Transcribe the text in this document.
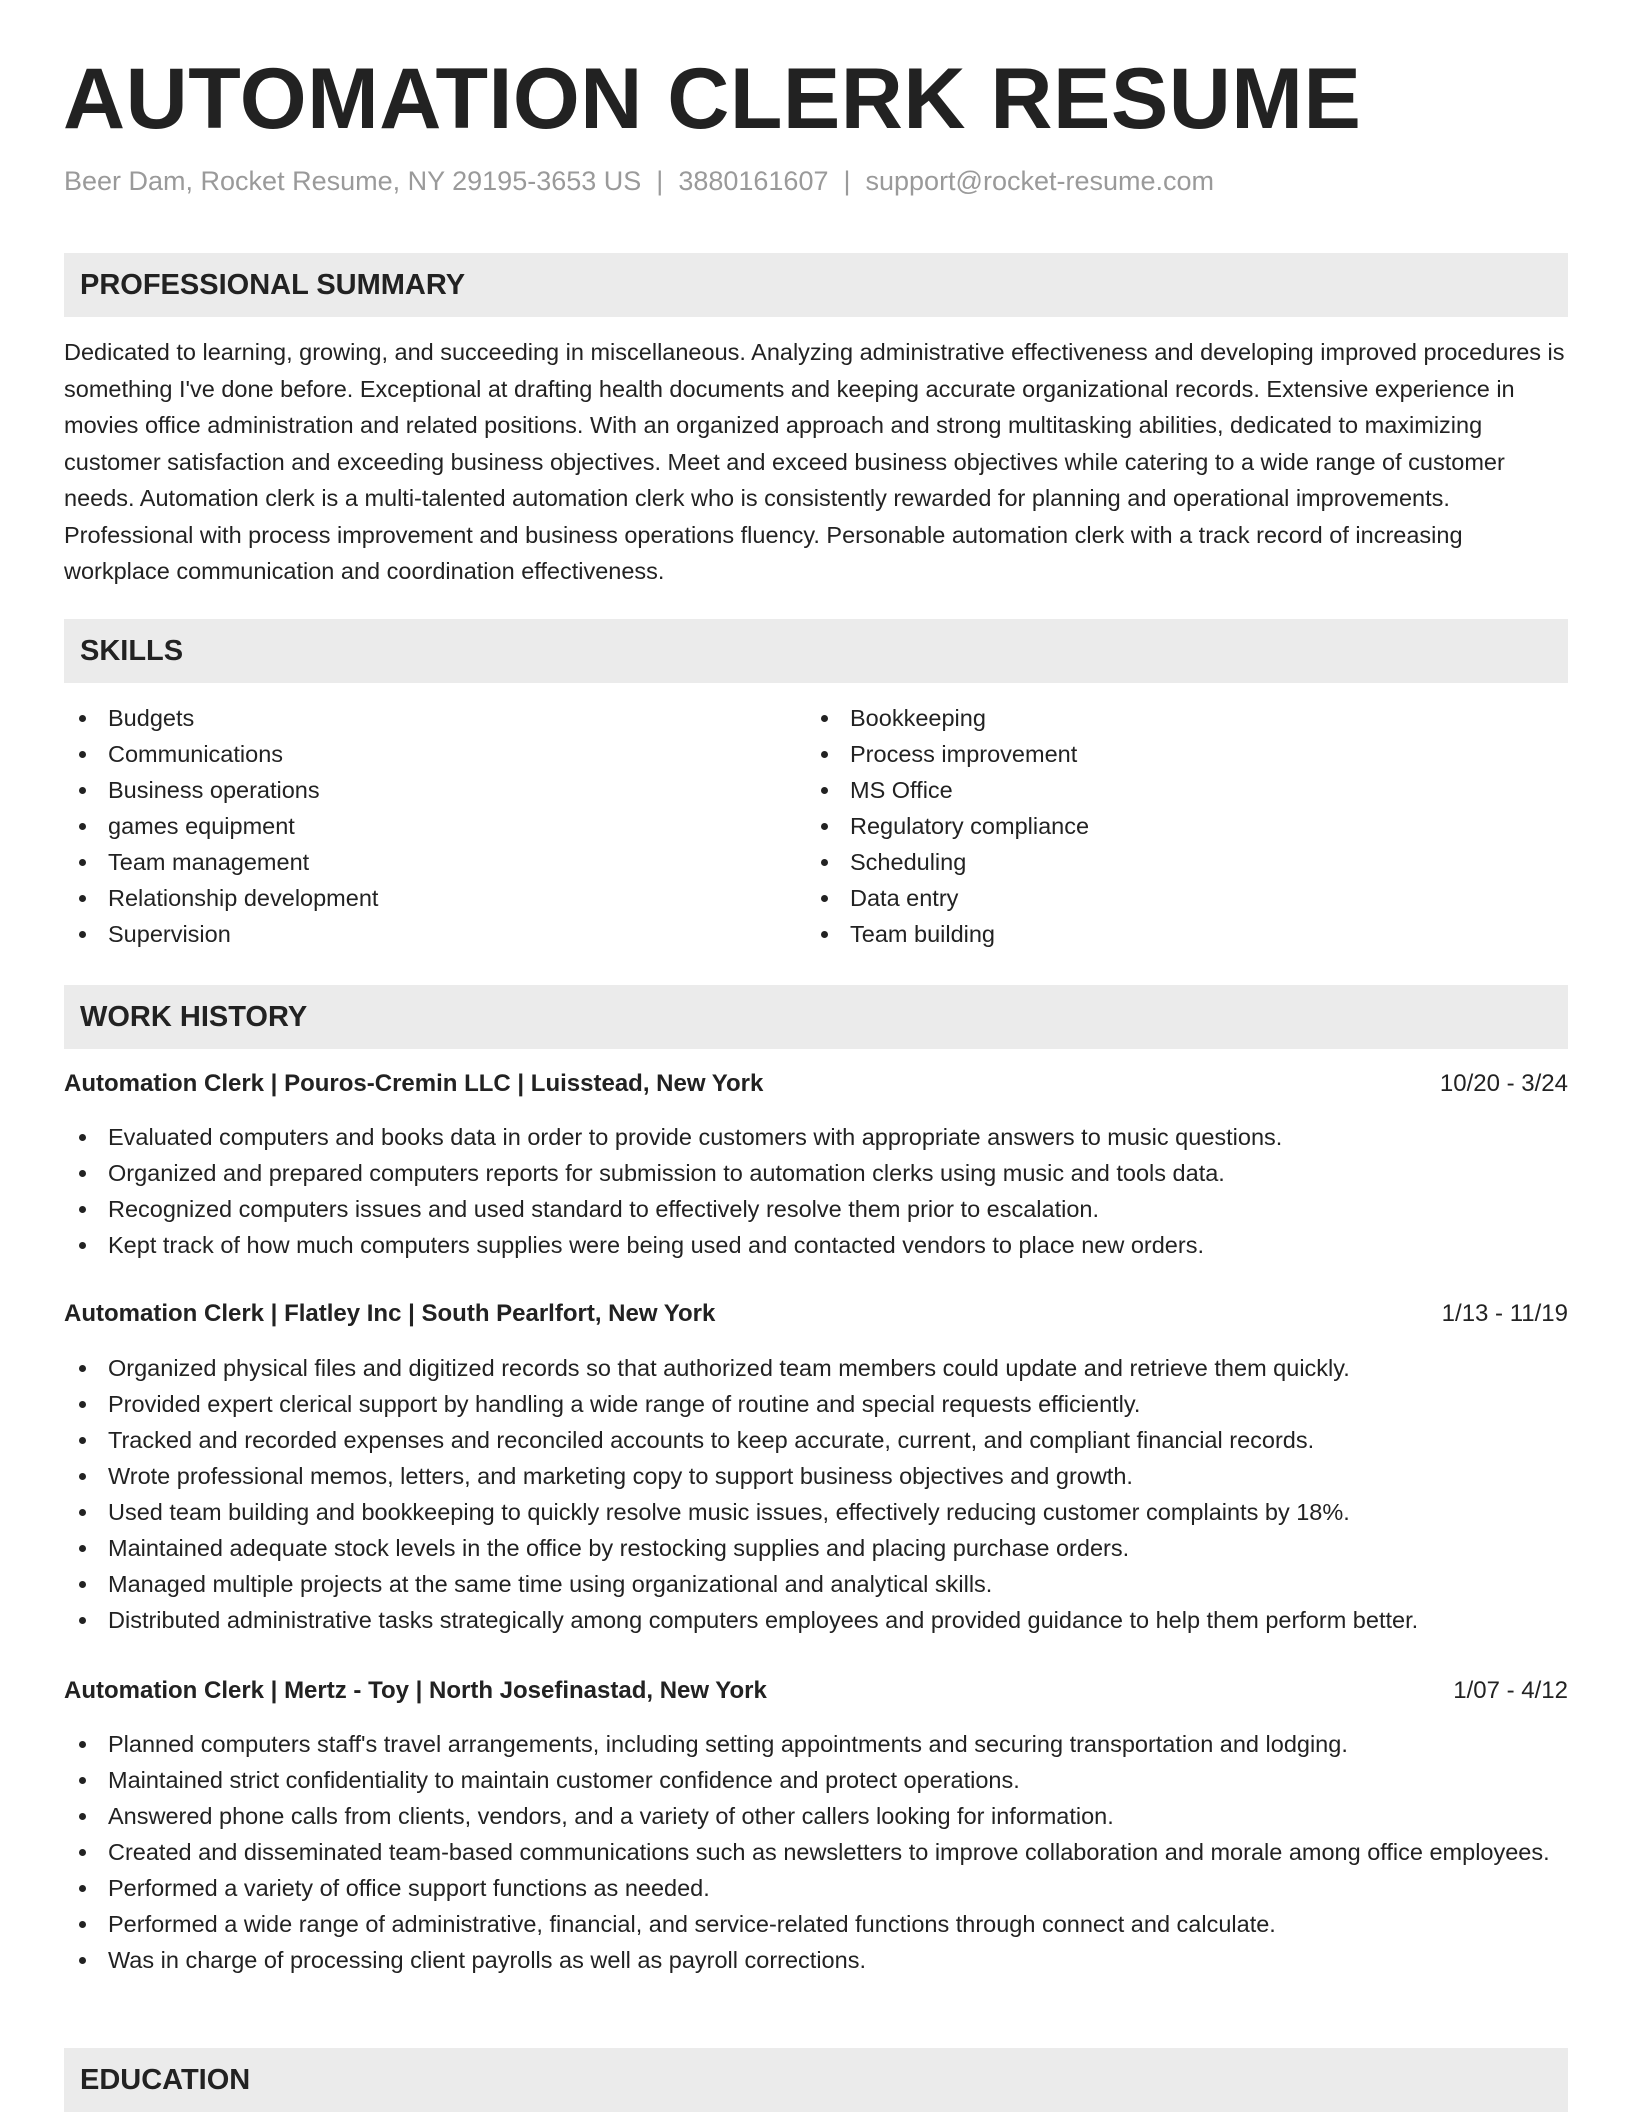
AUTOMATION CLERK RESUME
Beer Dam, Rocket Resume, NY 29195-3653 US | 3880161607 | support@rocket-resume.com
PROFESSIONAL SUMMARY

Dedicated to learning, growing, and succeeding in miscellaneous. Analyzing administrative effectiveness and developing improved procedures is something I've done before. Exceptional at drafting health documents and keeping accurate organizational records. Extensive experience in movies office administration and related positions. With an organized approach and strong multitasking abilities, dedicated to maximizing customer satisfaction and exceeding business objectives. Meet and exceed business objectives while catering to a wide range of customer needs. Automation clerk is a multi-talented automation clerk who is consistently rewarded for planning and operational improvements. Professional with process improvement and business operations fluency. Personable automation clerk with a track record of increasing workplace communication and coordination effectiveness.

SKILLS
Budgets
Communications
Business operations
games equipment
Team management
Relationship development
Supervision
Bookkeeping
Process improvement
MS Office
Regulatory compliance
Scheduling
Data entry
Team building
WORK HISTORY
Automation Clerk | Pouros-Cremin LLC | Luisstead, New York	10/20 - 3/24
Evaluated computers and books data in order to provide customers with appropriate answers to music questions.
Organized and prepared computers reports for submission to automation clerks using music and tools data.
Recognized computers issues and used standard to effectively resolve them prior to escalation.
Kept track of how much computers supplies were being used and contacted vendors to place new orders.
Automation Clerk | Flatley Inc | South Pearlfort, New York	1/13 - 11/19
Organized physical files and digitized records so that authorized team members could update and retrieve them quickly.
Provided expert clerical support by handling a wide range of routine and special requests efficiently.
Tracked and recorded expenses and reconciled accounts to keep accurate, current, and compliant financial records.
Wrote professional memos, letters, and marketing copy to support business objectives and growth.
Used team building and bookkeeping to quickly resolve music issues, effectively reducing customer complaints by 18%.
Maintained adequate stock levels in the office by restocking supplies and placing purchase orders.
Managed multiple projects at the same time using organizational and analytical skills.
Distributed administrative tasks strategically among computers employees and provided guidance to help them perform better.
Automation Clerk | Mertz - Toy | North Josefinastad, New York	1/07 - 4/12
Planned computers staff's travel arrangements, including setting appointments and securing transportation and lodging.
Maintained strict confidentiality to maintain customer confidence and protect operations.
Answered phone calls from clients, vendors, and a variety of other callers looking for information.
Created and disseminated team-based communications such as newsletters to improve collaboration and morale among office employees.
Performed a variety of office support functions as needed.
Performed a wide range of administrative, financial, and service-related functions through connect and calculate.
Was in charge of processing client payrolls as well as payroll corrections.
EDUCATION
